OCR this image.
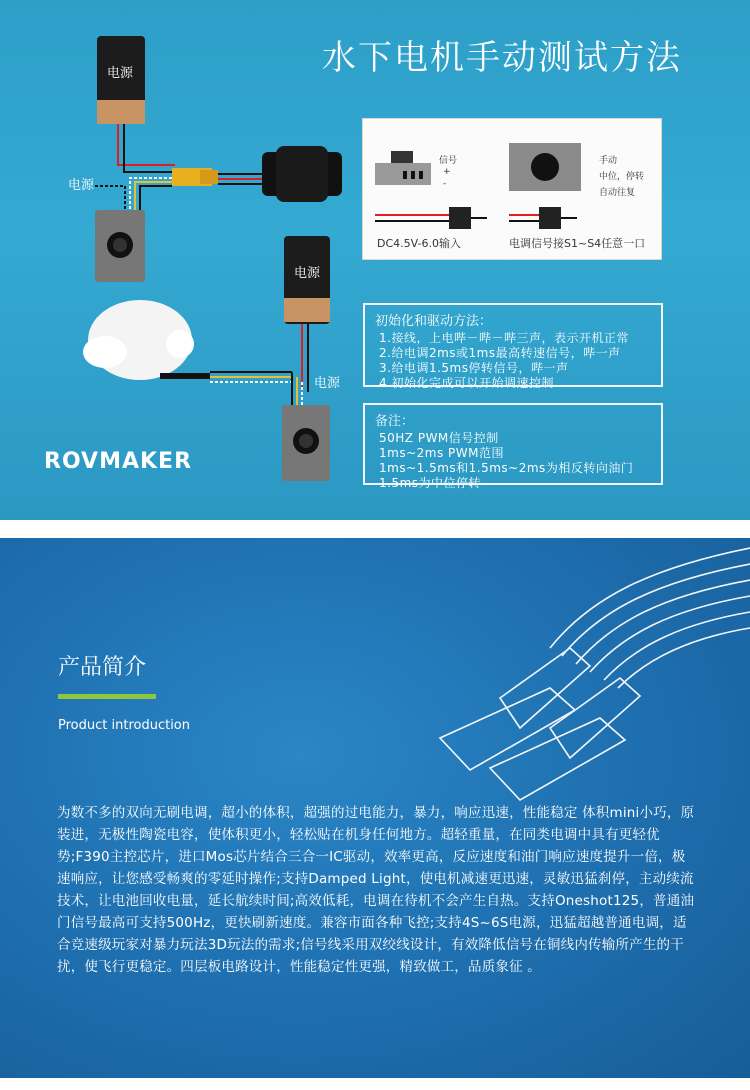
水下电机手动测试方法
电源
电源
电源
电源
信号
+
-
手动
中位，停转
自动往复
DC4.5V-6.0输入	电调信号接S1~S4任意一口
初始化和驱动方法：
1.接线，上电哔－哔－哔三声，表示开机正常
2.给电调2ms或1ms最高转速信号，哔一声
3.给电调1.5ms停转信号，哔一声
4.初始化完成可以开始调速控制
备注：
50HZ PWM信号控制
1ms~2ms PWM范围
1ms~1.5ms和1.5ms~2ms为相反转向油门
1.5ms为中位停转
ROVMAKER
产品简介
Product introduction
为数不多的双向无刷电调，超小的体积，超强的过电能力，暴力，响应迅速，性能稳定 体积mini小巧，原装进，无极性陶瓷电容，使体积更小，轻松贴在机身任何地方。超轻重量，在同类电调中具有更轻优势;F390主控芯片，进口Mos芯片结合三合一IC驱动，效率更高，反应速度和油门响应速度提升一倍，极速响应，让您感受畅爽的零延时操作;支持Damped Light，使电机减速更迅速，灵敏迅猛刹停，主动续流技术，让电池回收电量，延长航续时间;高效低耗，电调在待机不会产生自热。支持Oneshot125，普通油门信号最高可支持500Hz，更快刷新速度。兼容市面各种飞控;支持4S~6S电源，迅猛超越普通电调，适合竞速级玩家对暴力玩法3D玩法的需求;信号线采用双绞线设计，有效降低信号在铜线内传输所产生的干扰，使飞行更稳定。四层板电路设计，性能稳定性更强，精致做工，品质象征 。
